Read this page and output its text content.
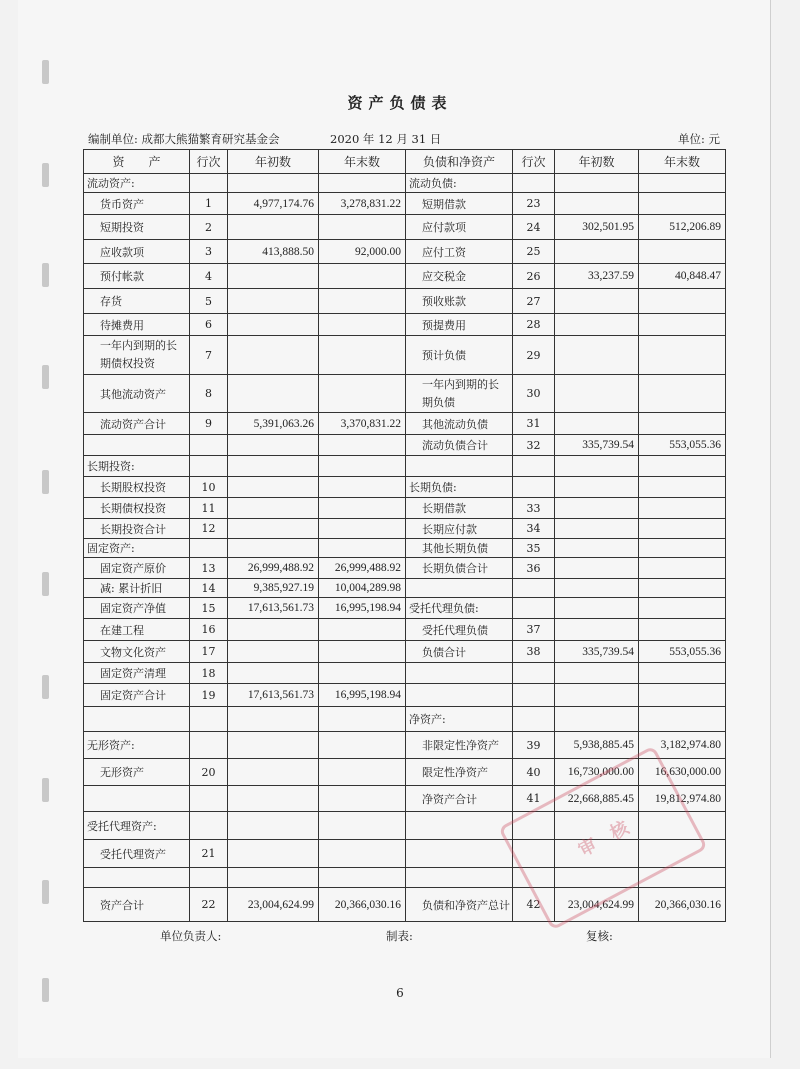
资产负债表
编制单位: 成都大熊猫繁育研究基金会	2020 年 12 月 31 日	单位: 元
资　　产	行次	年初数	年末数	负债和净资产	行次	年初数	年末数
流动资产:				流动负债:			
货币资产	1	4,977,174.76	3,278,831.22	短期借款	23		
短期投资	2			应付款项	24	302,501.95	512,206.89
应收款项	3	413,888.50	92,000.00	应付工资	25		
预付帐款	4			应交税金	26	33,237.59	40,848.47
存货	5			预收账款	27		
待摊费用	6			预提费用	28		
一年内到期的长期债权投资	7			预计负债	29		
其他流动资产	8			一年内到期的长期负债	30		
流动资产合计	9	5,391,063.26	3,370,831.22	其他流动负债	31		
				流动负债合计	32	335,739.54	553,055.36
长期投资:							
长期股权投资	10			长期负债:			
长期债权投资	11			长期借款	33		
长期投资合计	12			长期应付款	34		
固定资产:				其他长期负债	35		
固定资产原价	13	26,999,488.92	26,999,488.92	长期负债合计	36		
减: 累计折旧	14	9,385,927.19	10,004,289.98				
固定资产净值	15	17,613,561.73	16,995,198.94	受托代理负债:			
在建工程	16			受托代理负债	37		
文物文化资产	17			负债合计	38	335,739.54	553,055.36
固定资产清理	18						
固定资产合计	19	17,613,561.73	16,995,198.94				
				净资产:			
无形资产:				非限定性净资产	39	5,938,885.45	3,182,974.80
无形资产	20			限定性净资产	40	16,730,000.00	16,630,000.00
				净资产合计	41	22,668,885.45	19,812,974.80
受托代理资产:							
受托代理资产	21						

资产合计	22	23,004,624.99	20,366,030.16	负债和净资产总计	42	23,004,624.99	20,366,030.16
审　核
单位负责人:	制表:	复核:
6
